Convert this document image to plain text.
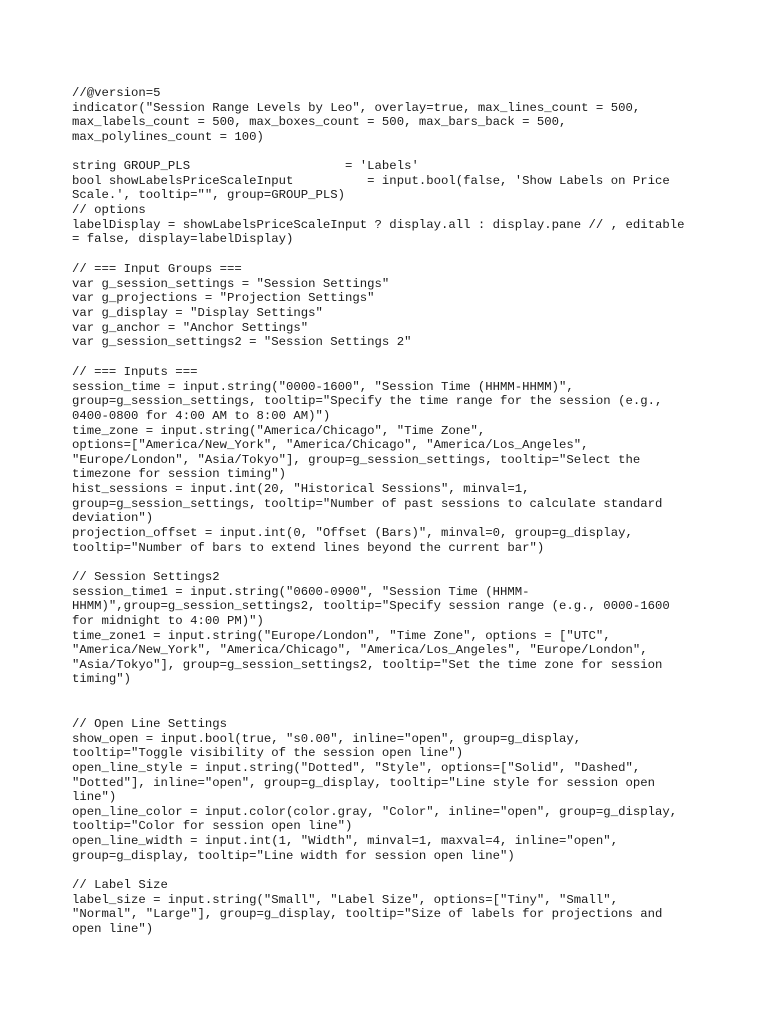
//@version=5
indicator("Session Range Levels by Leo", overlay=true, max_lines_count = 500,
max_labels_count = 500, max_boxes_count = 500, max_bars_back = 500,
max_polylines_count = 100)
string GROUP_PLS                     = 'Labels'
bool showLabelsPriceScaleInput          = input.bool(false, 'Show Labels on Price
Scale.', tooltip="", group=GROUP_PLS)
// options
labelDisplay = showLabelsPriceScaleInput ? display.all : display.pane // , editable
= false, display=labelDisplay)
// === Input Groups ===
var g_session_settings = "Session Settings"
var g_projections = "Projection Settings"
var g_display = "Display Settings"
var g_anchor = "Anchor Settings"
var g_session_settings2 = "Session Settings 2"
// === Inputs ===
session_time = input.string("0000-1600", "Session Time (HHMM-HHMM)",
group=g_session_settings, tooltip="Specify the time range for the session (e.g.,
0400-0800 for 4:00 AM to 8:00 AM)")
time_zone = input.string("America/Chicago", "Time Zone",
options=["America/New_York", "America/Chicago", "America/Los_Angeles",
"Europe/London", "Asia/Tokyo"], group=g_session_settings, tooltip="Select the
timezone for session timing")
hist_sessions = input.int(20, "Historical Sessions", minval=1,
group=g_session_settings, tooltip="Number of past sessions to calculate standard
deviation")
projection_offset = input.int(0, "Offset (Bars)", minval=0, group=g_display,
tooltip="Number of bars to extend lines beyond the current bar")
// Session Settings2
session_time1 = input.string("0600-0900", "Session Time (HHMM-
HHMM)",group=g_session_settings2, tooltip="Specify session range (e.g., 0000-1600
for midnight to 4:00 PM)")
time_zone1 = input.string("Europe/London", "Time Zone", options = ["UTC",
"America/New_York", "America/Chicago", "America/Los_Angeles", "Europe/London",
"Asia/Tokyo"], group=g_session_settings2, tooltip="Set the time zone for session
timing")
// Open Line Settings
show_open = input.bool(true, "s0.00", inline="open", group=g_display,
tooltip="Toggle visibility of the session open line")
open_line_style = input.string("Dotted", "Style", options=["Solid", "Dashed",
"Dotted"], inline="open", group=g_display, tooltip="Line style for session open
line")
open_line_color = input.color(color.gray, "Color", inline="open", group=g_display,
tooltip="Color for session open line")
open_line_width = input.int(1, "Width", minval=1, maxval=4, inline="open",
group=g_display, tooltip="Line width for session open line")
// Label Size
label_size = input.string("Small", "Label Size", options=["Tiny", "Small",
"Normal", "Large"], group=g_display, tooltip="Size of labels for projections and
open line")
